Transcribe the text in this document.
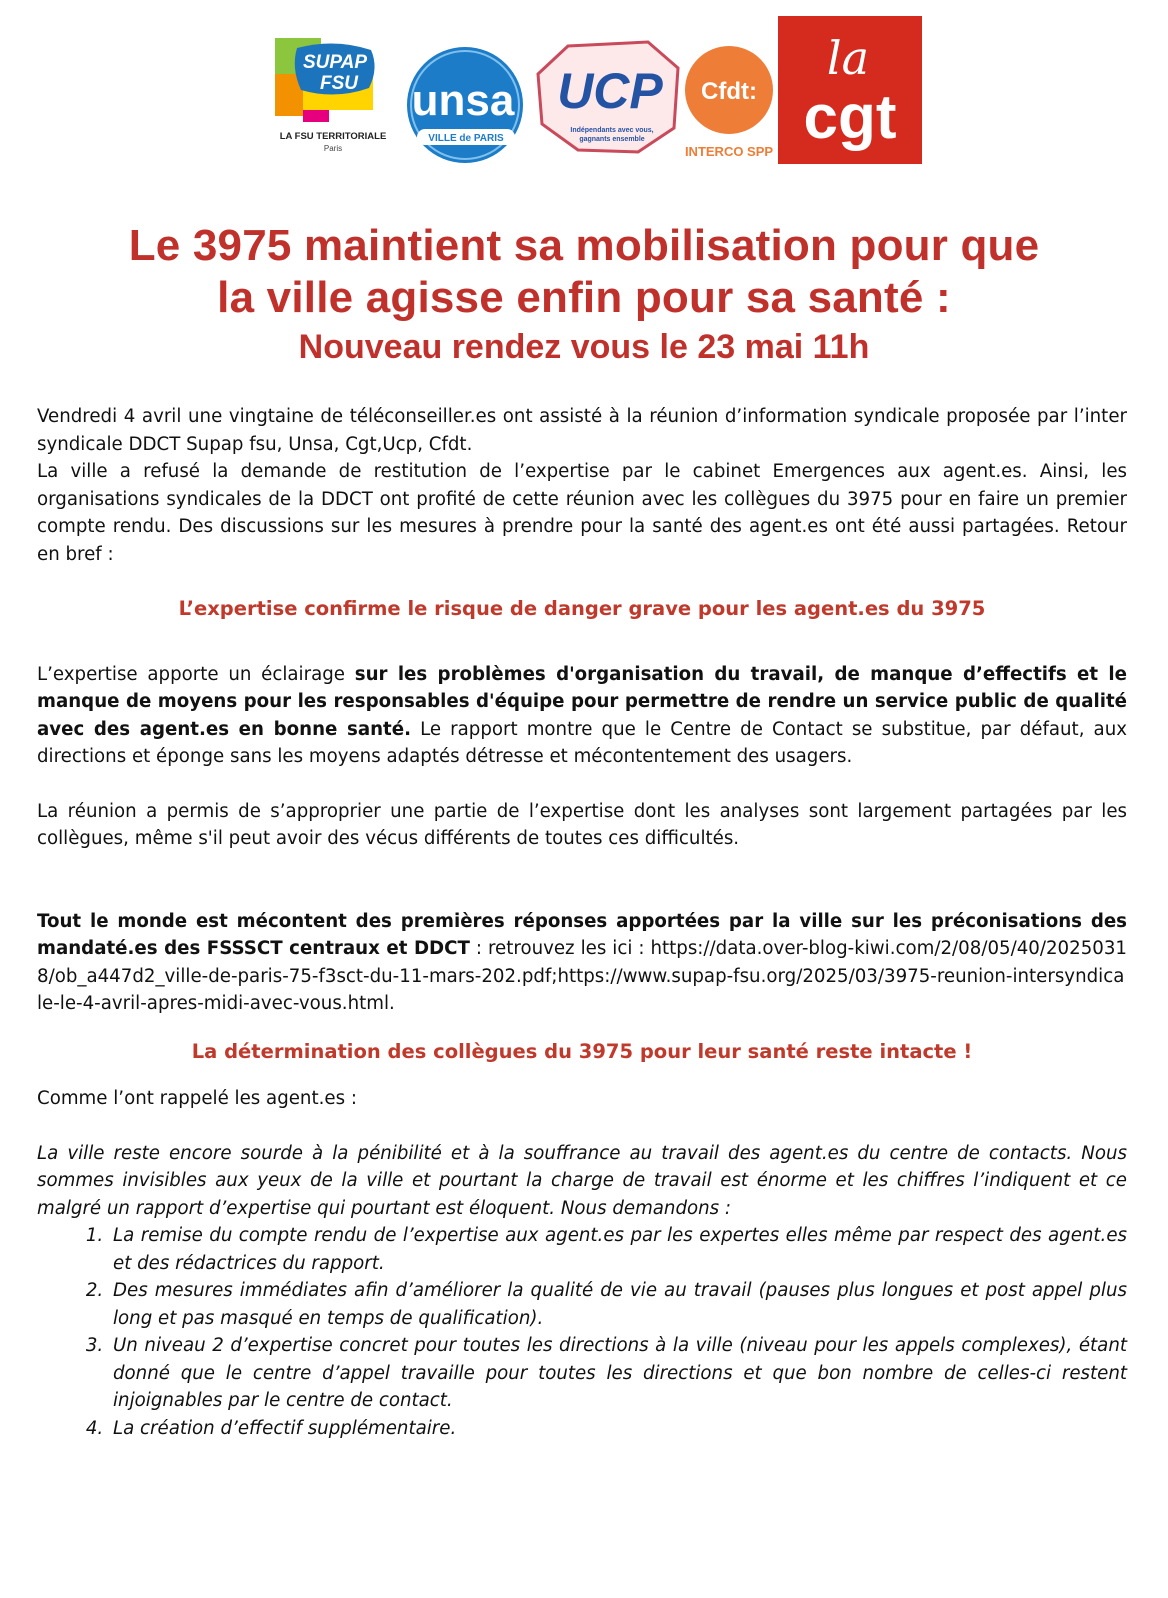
SUPAP
FSU
LA FSU TERRITORIALE
Paris
unsa
VILLE de PARIS
UCP
Indépendants avec vous,
gagnants ensemble
Cfdt:
INTERCO SPP
la
cgt
Le 3975 maintient sa mobilisation pour que
la ville agisse enfin pour sa santé :
Nouveau rendez vous le 23 mai 11h

Vendredi 4 avril une vingtaine de téléconseiller.es ont assisté à la réunion d’information syndicale proposée par l’inter syndicale DDCT Supap fsu, Unsa, Cgt,Ucp, Cfdt.

La ville a refusé la demande de restitution de l’expertise par le cabinet Emergences aux agent.es. Ainsi, les organisations syndicales de la DDCT ont profité de cette réunion avec les collègues du 3975 pour en faire un premier compte rendu. Des discussions sur les mesures à prendre pour la santé des agent.es ont été aussi partagées. Retour en bref :

L’expertise confirme le risque de danger grave pour les agent.es du 3975

L’expertise apporte un éclairage sur les problèmes d'organisation du travail, de manque d’effectifs et le manque de moyens pour les responsables d'équipe pour permettre de rendre un service public de qualité avec des agent.es en bonne santé. Le rapport montre que le Centre de Contact se substitue, par défaut, aux directions et éponge sans les moyens adaptés détresse et mécontentement des usagers.

La réunion a permis de s’approprier une partie de l’expertise dont les analyses sont largement partagées par les collègues, même s'il peut avoir des vécus différents de toutes ces difficultés.

Tout le monde est mécontent des premières réponses apportées par la ville sur les préconisations des mandaté.es des FSSSCT centraux et DDCT : retrouvez les ici : https://data.over-blog-kiwi.com/2/08/05/40/20250318/ob_a447d2_ville-de-paris-75-f3sct-du-11-mars-202.pdf;https://www.supap-fsu.org/2025/03/3975-reunion-intersyndicale-le-4-avril-apres-midi-avec-vous.html.

La détermination des collègues du 3975 pour leur santé reste intacte !

Comme l’ont rappelé les agent.es :

La ville reste encore sourde à la pénibilité et à la souffrance au travail des agent.es du centre de contacts. Nous sommes invisibles aux yeux de la ville et pourtant la charge de travail est énorme et les chiffres l’indiquent et ce malgré un rapport d’expertise qui pourtant est éloquent. Nous demandons :

1. La remise du compte rendu de l’expertise aux agent.es par les expertes elles même par respect des agent.es et des rédactrices du rapport.
2. Des mesures immédiates afin d’améliorer la qualité de vie au travail (pauses plus longues et post appel plus long et pas masqué en temps de qualification).
3. Un niveau 2 d’expertise concret pour toutes les directions à la ville (niveau pour les appels complexes), étant donné que le centre d’appel travaille pour toutes les directions et que bon nombre de celles-ci restent injoignables par le centre de contact.
4. La création d’effectif supplémentaire.
